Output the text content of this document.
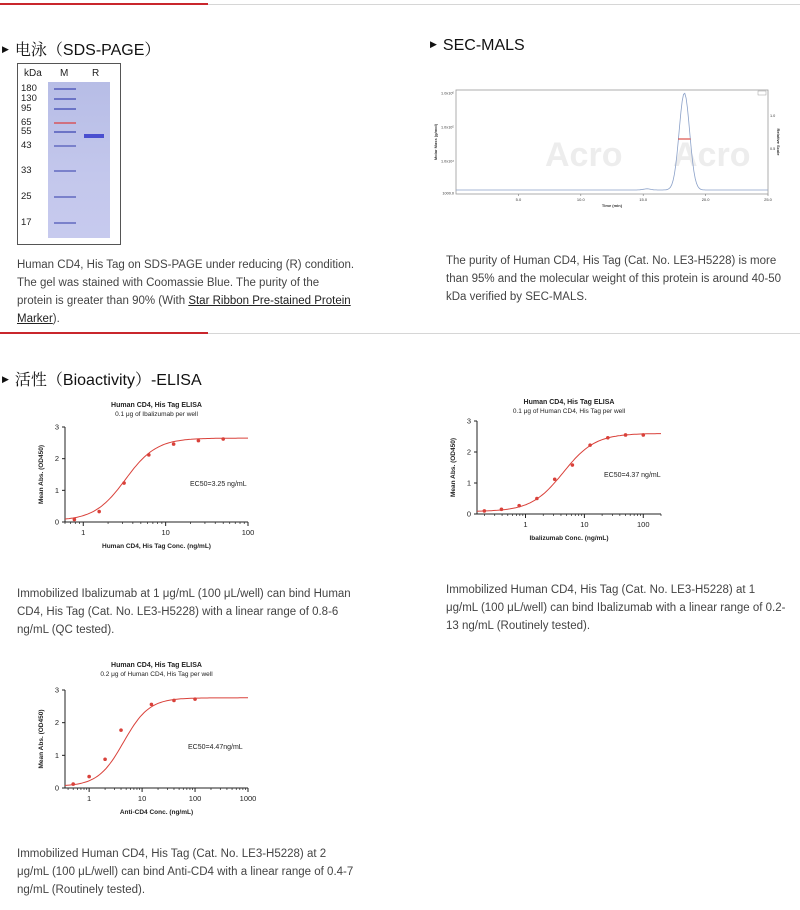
▶ 电泳（SDS-PAGE）
kDa M R
180
130
95
65
55
43
33
25
17
Human CD4, His Tag on SDS-PAGE under reducing (R) condition. The gel was stained with Coomassie Blue. The purity of the protein is greater than 90% (With Star Ribbon Pre-stained Protein Marker).
▶ SEC-MALS
Acro Acro
5.0	10.0	15.0	20.0	25.0
Time (min)
1.0x10⁶
1.0x10⁵
1.0x10⁴
1000.0
1.0
0.5
Molar Mass (g/mol)	Relative Scale
The purity of Human CD4, His Tag (Cat. No. LE3-H5228) is more than 95% and the molecular weight of this protein is around 40-50 kDa verified by SEC-MALS.
▶ 活性（Bioactivity）-ELISA
Human CD4, His Tag ELISA
0.1 μg of Ibalizumab per well
0
1
2
3
1	10	100
Human CD4, His Tag Conc. (ng/mL)
Mean Abs. (OD450)	EC50=3.25 ng/mL
Human CD4, His Tag ELISA
0.1 μg of Human CD4, His Tag per well
0
1
2
3
1	10	100
Ibalizumab Conc. (ng/mL)
Mean Abs. (OD450)	EC50=4.37 ng/mL
Human CD4, His Tag ELISA
0.2 μg of Human CD4, His Tag per well
0
1
2
3
1	10	100	1000
Anti-CD4 Conc. (ng/mL)
Mean Abs. (OD450)	EC50=4.47ng/mL
Immobilized Ibalizumab at 1 μg/mL (100 μL/well) can bind Human CD4, His Tag (Cat. No. LE3-H5228) with a linear range of 0.8-6 ng/mL (QC tested).
Immobilized Human CD4, His Tag (Cat. No. LE3-H5228) at 1 μg/mL (100 μL/well) can bind Ibalizumab with a linear range of 0.2-13 ng/mL (Routinely tested).
Immobilized Human CD4, His Tag (Cat. No. LE3-H5228) at 2 μg/mL (100 μL/well) can bind Anti-CD4 with a linear range of 0.4-7 ng/mL (Routinely tested).
